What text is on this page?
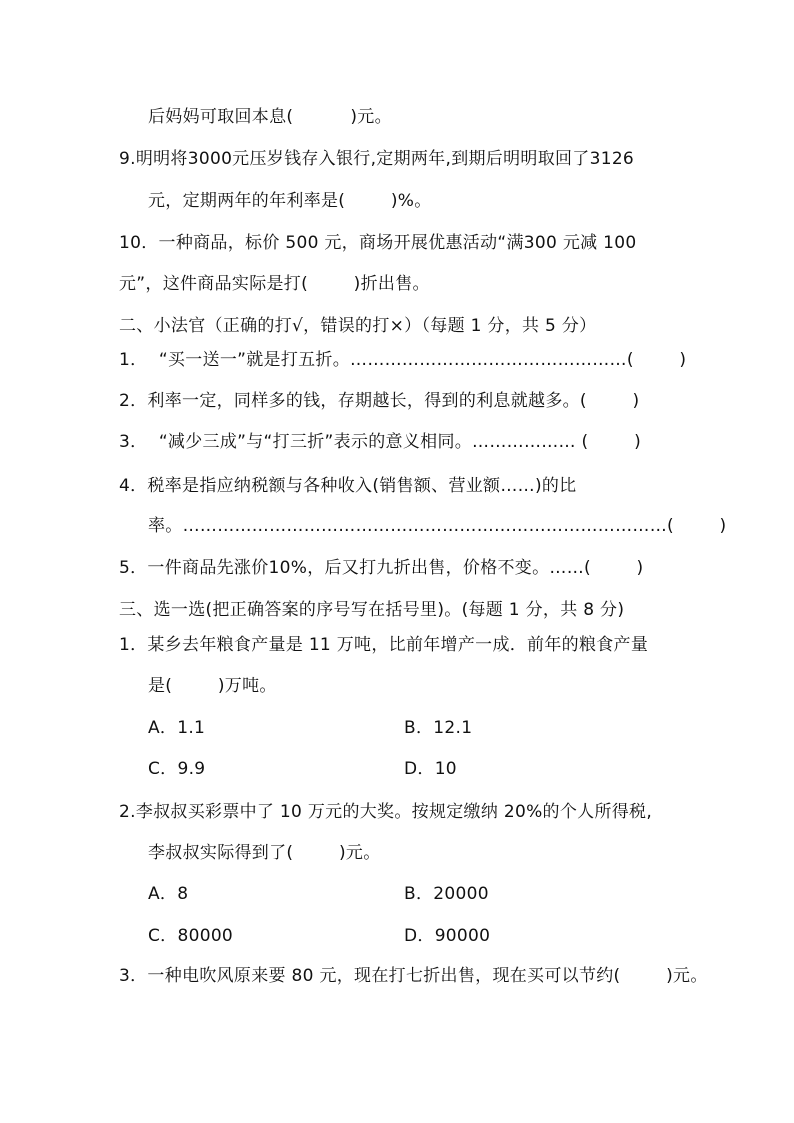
后妈妈可取回本息(          )元。
9.明明将3000元压岁钱存入银行,定期两年,到期后明明取回了3126
元，定期两年的年利率是(        )%。
10．一种商品，标价 500 元，商场开展优惠活动“满300 元减 100
元”，这件商品实际是打(        )折出售。
二、小法官（正确的打√，错误的打×）（每题 1 分，共 5 分）
1．  “买一送一”就是打五折。…………………………………………(        )
2．利率一定，同样多的钱，存期越长，得到的利息就越多。(        )
3．  “减少三成”与“打三折”表示的意义相同。……………… (        )
4．税率是指应纳税额与各种收入(销售额、营业额……)的比
率。…………………………………………………………………………(        )
5．一件商品先涨价10%，后又打九折出售，价格不变。……(        )
三、选一选(把正确答案的序号写在括号里)。(每题 1 分，共 8 分)
1．某乡去年粮食产量是 11 万吨，比前年增产一成．前年的粮食产量
是(        )万吨。
A．1.1	B．12.1
C．9.9	D．10
2.李叔叔买彩票中了 10 万元的大奖。按规定缴纳 20%的个人所得税,
李叔叔实际得到了(        )元。
A．8	B．20000
C．80000	D．90000
3．一种电吹风原来要 80 元，现在打七折出售，现在买可以节约(        )元。
